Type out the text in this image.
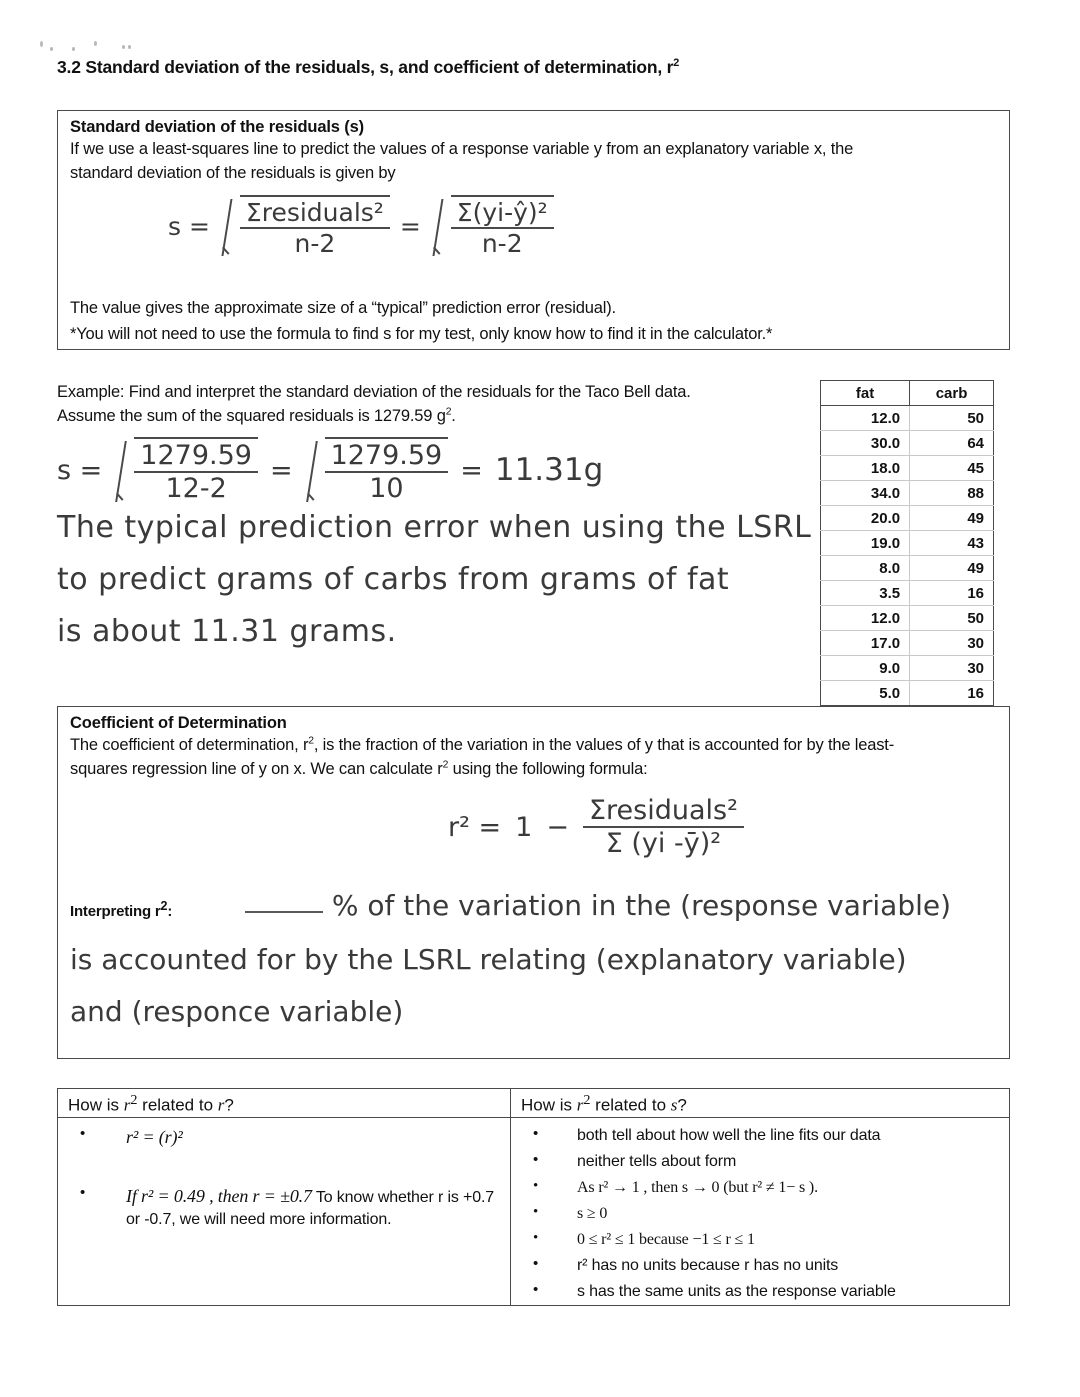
3.2 Standard deviation of the residuals, s, and coefficient of determination, $r^2$
Standard deviation of the residuals (s)
If we use a least-squares line to predict the values of a response variable y from an explanatory variable x, the
standard deviation of the residuals is given by
$s = \frac{\text{Σresiduals²}}{n-2} = \frac{\text{Σ(yi-ŷ)²}}{n-2}$
The value gives the approximate size of a “typical” prediction error (residual).
*You will not need to use the formula to find s for my test, only know how to find it in the calculator.*
Example: Find and interpret the standard deviation of the residuals for the Taco Bell data.
Assume the sum of the squared residuals is 1279.59 $g^2$.
$s = \frac{1279.59}{12-2} = \frac{1279.59}{10} = 11.31g$
The typical prediction error when using the LSRL
to predict grams of carbs from grams of fat
is about 11.31 grams.
fat	carb
12.0	50
30.0	64
18.0	45
34.0	88
20.0	49
19.0	43
8.0	49
3.5	16
12.0	50
17.0	30
9.0	30
5.0	16
Coefficient of Determination
The coefficient of determination, $r^2$, is the fraction of the variation in the values of y that is accounted for by the least-
squares regression line of y on x. We can calculate $r^2$ using the following formula:
$r^2 = 1 - \frac{\text{Σresiduals²}}{\text{Σ (yi -ȳ)²}}$
Interpreting $r^2$:	% of the variation in the (response variable)
is accounted for by the LSRL relating (explanatory variable)
and (responce variable)
How is $r^2$ related to r?
• r² = (r)²
• If r² = 0.49 , then r = ±0.7 To know whether r is +0.7 or -0.7, we will need more information.
How is $r^2$ related to s?
• both tell about how well the line fits our data
• neither tells about form
• As r² → 1 , then s → 0 (but r² ≠ 1− s ).
• s ≥ 0
• 0 ≤ r² ≤ 1 because −1 ≤ r ≤ 1
• r² has no units because r has no units
• s has the same units as the response variable
